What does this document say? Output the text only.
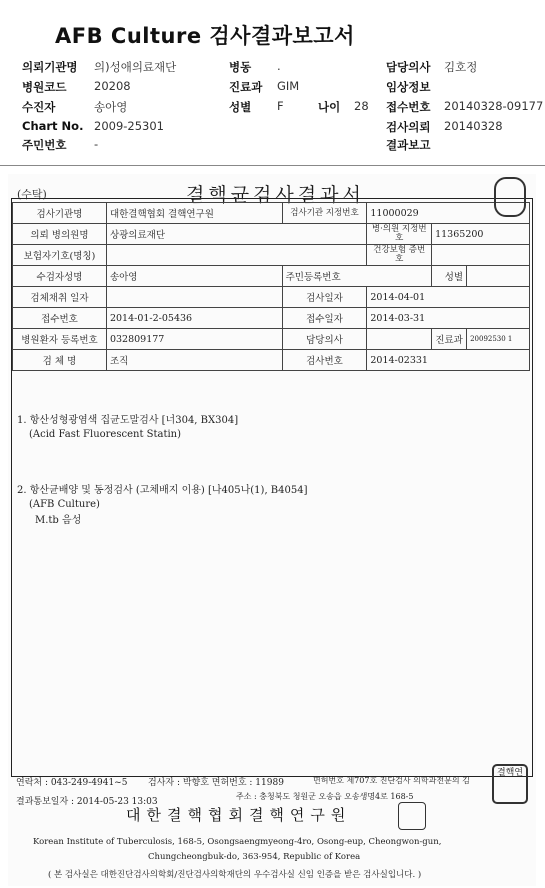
AFB Culture 검사결과보고서
의뢰기관명 의)성애의료재단	병동 .	담당의사 김호정
병원코드 20208	진료과 GIM	임상정보
수진자	송아영	성별 F	나이 28 접수번호 20140328-09177
Chart No. 2009-25301	검사의뢰 20140328
주민번호 -	결과보고
(수탁)	결핵균검사결과서
검사기관명	대한결핵협회 결핵연구원	검사기관 지정번호	11000029		
의뢰 병의원명	상광의료재단		병·의원 지정번호	11365200	
보험자기호(명칭)			건강보험 증번호		
수검자성명	송아영	주민등록번호		성별	
검체채취 일자		검사일자	2014-04-01		
접수번호	2014-01-2-05436	접수일자	2014-03-31		
병원환자 등록번호	032809177	담당의사		진료과	20092530 1
검 체 명	조직	검사번호	2014-02331		
1. 항산성형광염색 집균도말검사 [너304, BX304]
(Acid Fast Fluorescent Statin)
2. 항산균배양 및 동정검사 (고체배지 이용) [나405나(1), B4054]
(AFB Culture)
M.tb 음성
연락처 : 043-249-4941~5 검사자 : 박향호 면허번호 : 11989	면허번호 제707호 진단검사 의학과전문의 김
결과통보일자 : 2014-05-23 13:03
주소 : 충청북도 청원군 오송읍 오송생명4로 168-5
대한결핵협회결핵연구원
Korean Institute of Tuberculosis, 168-5, Osongsaengmyeong-4ro, Osong-eup, Cheongwon-gun,
Chungcheongbuk-do, 363-954, Republic of Korea
( 본 검사실은 대한진단검사의학회/진단검사의학재단의 우수검사실 신임 인증을 받은 검사실입니다. )
결핵연
